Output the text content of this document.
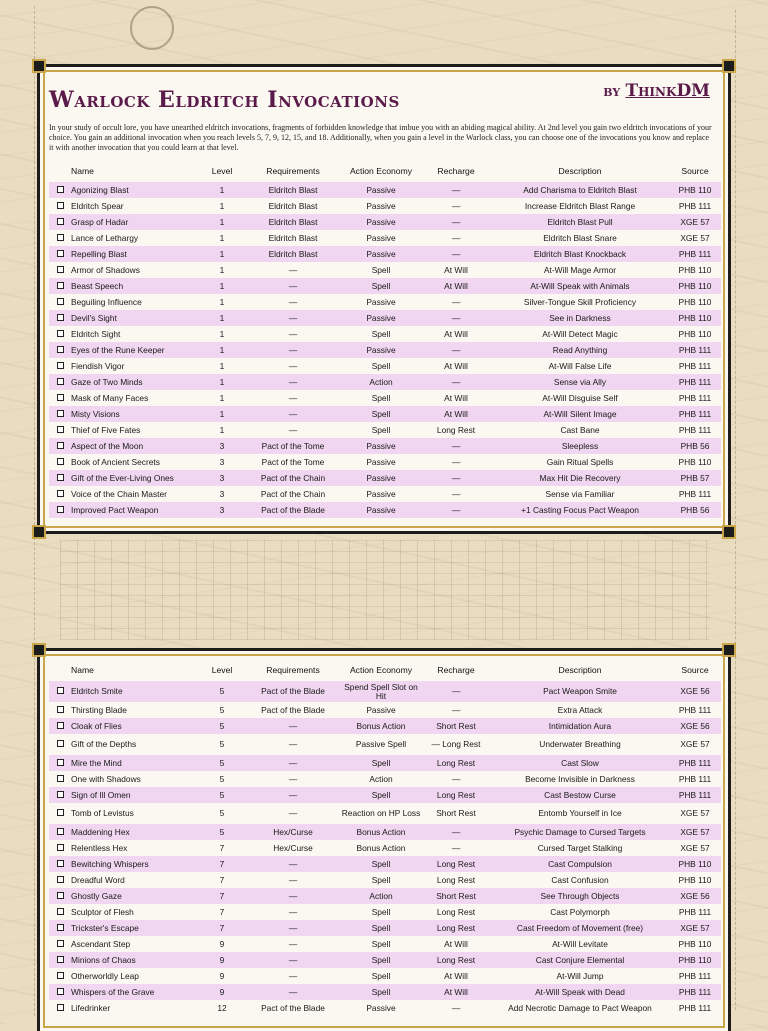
Warlock Eldritch Invocations	by ThinkDM

In your study of occult lore, you have unearthed eldritch invocations, fragments of forbidden knowledge that imbue you with an abiding magical ability. At 2nd level you gain two eldritch invocations of your choice. You gain an additional invocation when you reach levels 5, 7, 9, 12, 15, and 18. Additionally, when you gain a level in the Warlock class, you can choose one of the invocations you know and replace it with another invocation that you could learn at that level.

	Name	Level	Requirements	Action Economy	Recharge	Description	Source
	Agonizing Blast	1	Eldritch Blast	Passive	—	Add Charisma to Eldritch Blast	PHB 110
	Eldritch Spear	1	Eldritch Blast	Passive	—	Increase Eldritch Blast Range	PHB 111
	Grasp of Hadar	1	Eldritch Blast	Passive	—	Eldritch Blast Pull	XGE 57
	Lance of Lethargy	1	Eldritch Blast	Passive	—	Eldritch Blast Snare	XGE 57
	Repelling Blast	1	Eldritch Blast	Passive	—	Eldritch Blast Knockback	PHB 111
	Armor of Shadows	1	—	Spell	At Will	At-Will Mage Armor	PHB 110
	Beast Speech	1	—	Spell	At Will	At-Will Speak with Animals	PHB 110
	Beguiling Influence	1	—	Passive	—	Silver-Tongue Skill Proficiency	PHB 110
	Devil's Sight	1	—	Passive	—	See in Darkness	PHB 110
	Eldritch Sight	1	—	Spell	At Will	At-Will Detect Magic	PHB 110
	Eyes of the Rune Keeper	1	—	Passive	—	Read Anything	PHB 111
	Fiendish Vigor	1	—	Spell	At Will	At-Will False Life	PHB 111
	Gaze of Two Minds	1	—	Action	—	Sense via Ally	PHB 111
	Mask of Many Faces	1	—	Spell	At Will	At-Will Disguise Self	PHB 111
	Misty Visions	1	—	Spell	At Will	At-Will Silent Image	PHB 111
	Thief of Five Fates	1	—	Spell	Long Rest	Cast Bane	PHB 111
	Aspect of the Moon	3	Pact of the Tome	Passive	—	Sleepless	PHB 56
	Book of Ancient Secrets	3	Pact of the Tome	Passive	—	Gain Ritual Spells	PHB 110
	Gift of the Ever-Living Ones	3	Pact of the Chain	Passive	—	Max Hit Die Recovery	PHB 57
	Voice of the Chain Master	3	Pact of the Chain	Passive	—	Sense via Familiar	PHB 111
	Improved Pact Weapon	3	Pact of the Blade	Passive	—	+1 Casting Focus Pact Weapon	PHB 56
	Name	Level	Requirements	Action Economy	Recharge	Description	Source
	Eldritch Smite	5	Pact of the Blade	Spend Spell Slot on Hit	—	Pact Weapon Smite	XGE 56
	Thirsting Blade	5	Pact of the Blade	Passive	—	Extra Attack	PHB 111
	Cloak of Flies	5	—	Bonus Action	Short Rest	Intimidation Aura	XGE 56
	Gift of the Depths	5	—	Passive Spell	— Long Rest	Underwater Breathing	XGE 57
	Mire the Mind	5	—	Spell	Long Rest	Cast Slow	PHB 111
	One with Shadows	5	—	Action	—	Become Invisible in Darkness	PHB 111
	Sign of Ill Omen	5	—	Spell	Long Rest	Cast Bestow Curse	PHB 111
	Tomb of Levistus	5	—	Reaction on HP Loss	Short Rest	Entomb Yourself in Ice	XGE 57
	Maddening Hex	5	Hex/Curse	Bonus Action	—	Psychic Damage to Cursed Targets	XGE 57
	Relentless Hex	7	Hex/Curse	Bonus Action	—	Cursed Target Stalking	XGE 57
	Bewitching Whispers	7	—	Spell	Long Rest	Cast Compulsion	PHB 110
	Dreadful Word	7	—	Spell	Long Rest	Cast Confusion	PHB 110
	Ghostly Gaze	7	—	Action	Short Rest	See Through Objects	XGE 56
	Sculptor of Flesh	7	—	Spell	Long Rest	Cast Polymorph	PHB 111
	Trickster's Escape	7	—	Spell	Long Rest	Cast Freedom of Movement (free)	XGE 57
	Ascendant Step	9	—	Spell	At Will	At-Will Levitate	PHB 110
	Minions of Chaos	9	—	Spell	Long Rest	Cast Conjure Elemental	PHB 110
	Otherworldly Leap	9	—	Spell	At Will	At-Will Jump	PHB 111
	Whispers of the Grave	9	—	Spell	At Will	At-Will Speak with Dead	PHB 111
	Lifedrinker	12	Pact of the Blade	Passive	—	Add Necrotic Damage to Pact Weapon	PHB 111
